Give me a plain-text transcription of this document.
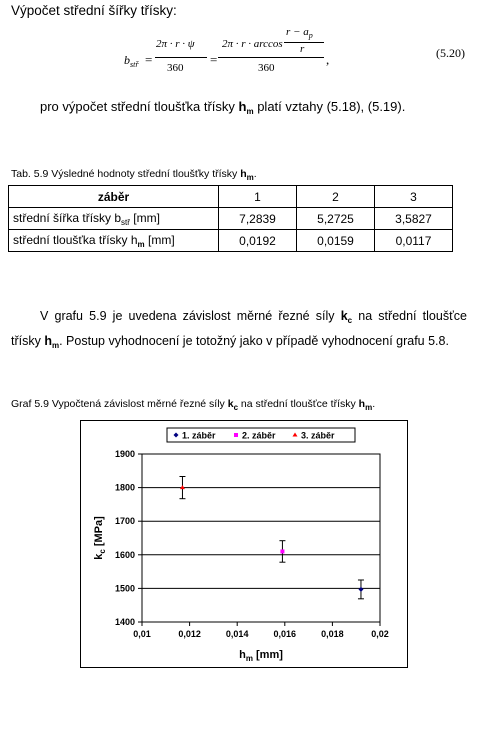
Výpočet střední šířky třísky:
$b_{stř}$ =
2π · r · ψ
360
=
2π · r · arccos
$r - a_p$
r
360
,	(5.20)
pro výpočet střední tloušťka třísky $h_m$ platí vztahy (5.18), (5.19).
Tab. 5.9 Výsledné hodnoty střední tloušťky třísky $h_m$.
záběr	1	2	3
střední šířka třísky $b_{stř}$ [mm]	7,2839	5,2725	3,5827
střední tloušťka třísky $h_m$ [mm]	0,0192	0,0159	0,0117
V grafu 5.9 je uvedena závislost měrné řezné síly $k_c$ na střední tloušťce třísky $h_m$. Postup vyhodnocení je totožný jako v případě vyhodnocení grafu 5.8.
Graf 5.9 Vypočtená závislost měrné řezné síly $k_c$ na střední tloušťce třísky $h_m$.
1400
1500
1600
1700
1800
1900
0,01	0,012	0,014	0,016	0,018	0,02
$h_m$ [mm]
$k_c$ [MPa]
1. záběr	2. záběr	3. záběr
